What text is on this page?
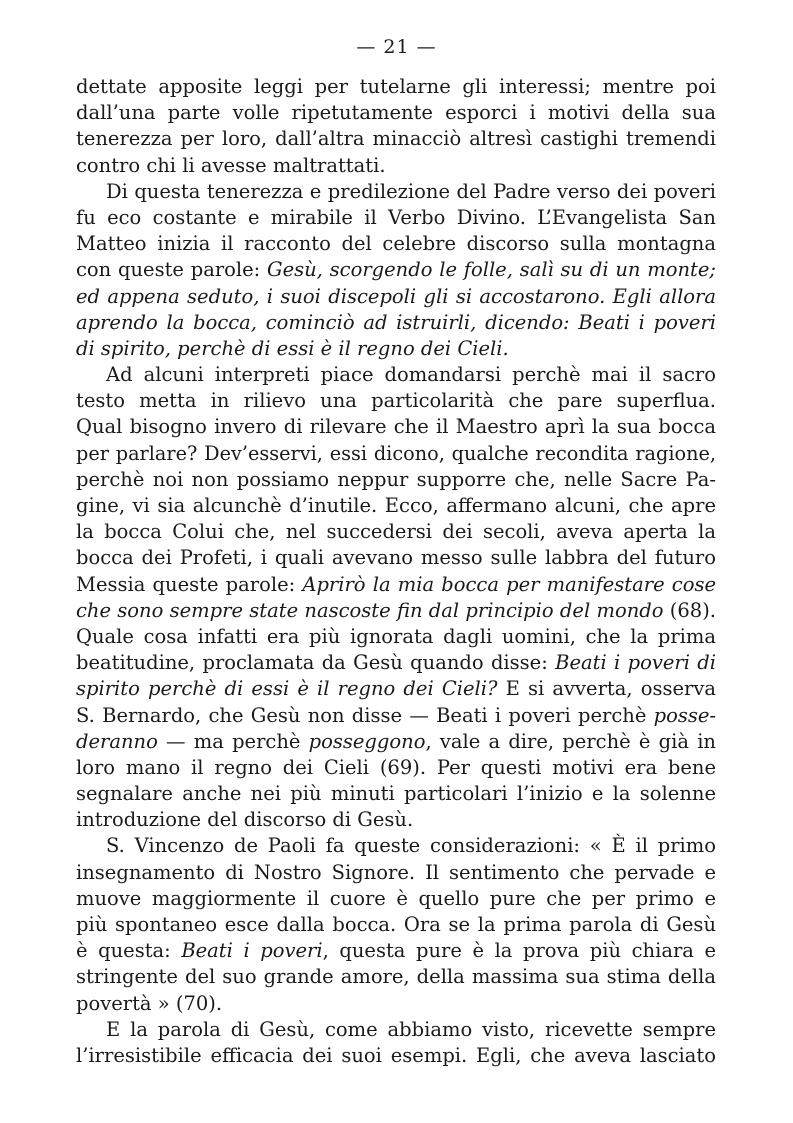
— 21 —
dettate apposite leggi per tutelarne gli interessi; mentre poi
dall’una parte volle ripetutamente esporci i motivi della sua
tenerezza per loro, dall’altra minacciò altresì castighi tremendi
contro chi li avesse maltrattati.
Di questa tenerezza e predilezione del Padre verso dei poveri
fu eco costante e mirabile il Verbo Divino. L’Evangelista San
Matteo inizia il racconto del celebre discorso sulla montagna
con queste parole: Gesù, scorgendo le folle, salì su di un monte;
ed appena seduto, i suoi discepoli gli si accostarono. Egli allora
aprendo la bocca, cominciò ad istruirli, dicendo: Beati i poveri
di spirito, perchè di essi è il regno dei Cieli.
Ad alcuni interpreti piace domandarsi perchè mai il sacro
testo metta in rilievo una particolarità che pare superflua.
Qual bisogno invero di rilevare che il Maestro aprì la sua bocca
per parlare? Dev’esservi, essi dicono, qualche recondita ragione,
perchè noi non possiamo neppur supporre che, nelle Sacre Pa-
gine, vi sia alcunchè d’inutile. Ecco, affermano alcuni, che apre
la bocca Colui che, nel succedersi dei secoli, aveva aperta la
bocca dei Profeti, i quali avevano messo sulle labbra del futuro
Messia queste parole: Aprirò la mia bocca per manifestare cose
che sono sempre state nascoste fin dal principio del mondo (68).
Quale cosa infatti era più ignorata dagli uomini, che la prima
beatitudine, proclamata da Gesù quando disse: Beati i poveri di
spirito perchè di essi è il regno dei Cieli? E si avverta, osserva
S. Bernardo, che Gesù non disse — Beati i poveri perchè posse-
deranno — ma perchè posseggono, vale a dire, perchè è già in
loro mano il regno dei Cieli (69). Per questi motivi era bene
segnalare anche nei più minuti particolari l’inizio e la solenne
introduzione del discorso di Gesù.
S. Vincenzo de Paoli fa queste considerazioni: « È il primo
insegnamento di Nostro Signore. Il sentimento che pervade e
muove maggiormente il cuore è quello pure che per primo e
più spontaneo esce dalla bocca. Ora se la prima parola di Gesù
è questa: Beati i poveri, questa pure è la prova più chiara e
stringente del suo grande amore, della massima sua stima della
povertà » (70).
E la parola di Gesù, come abbiamo visto, ricevette sempre
l’irresistibile efficacia dei suoi esempi. Egli, che aveva lasciato
